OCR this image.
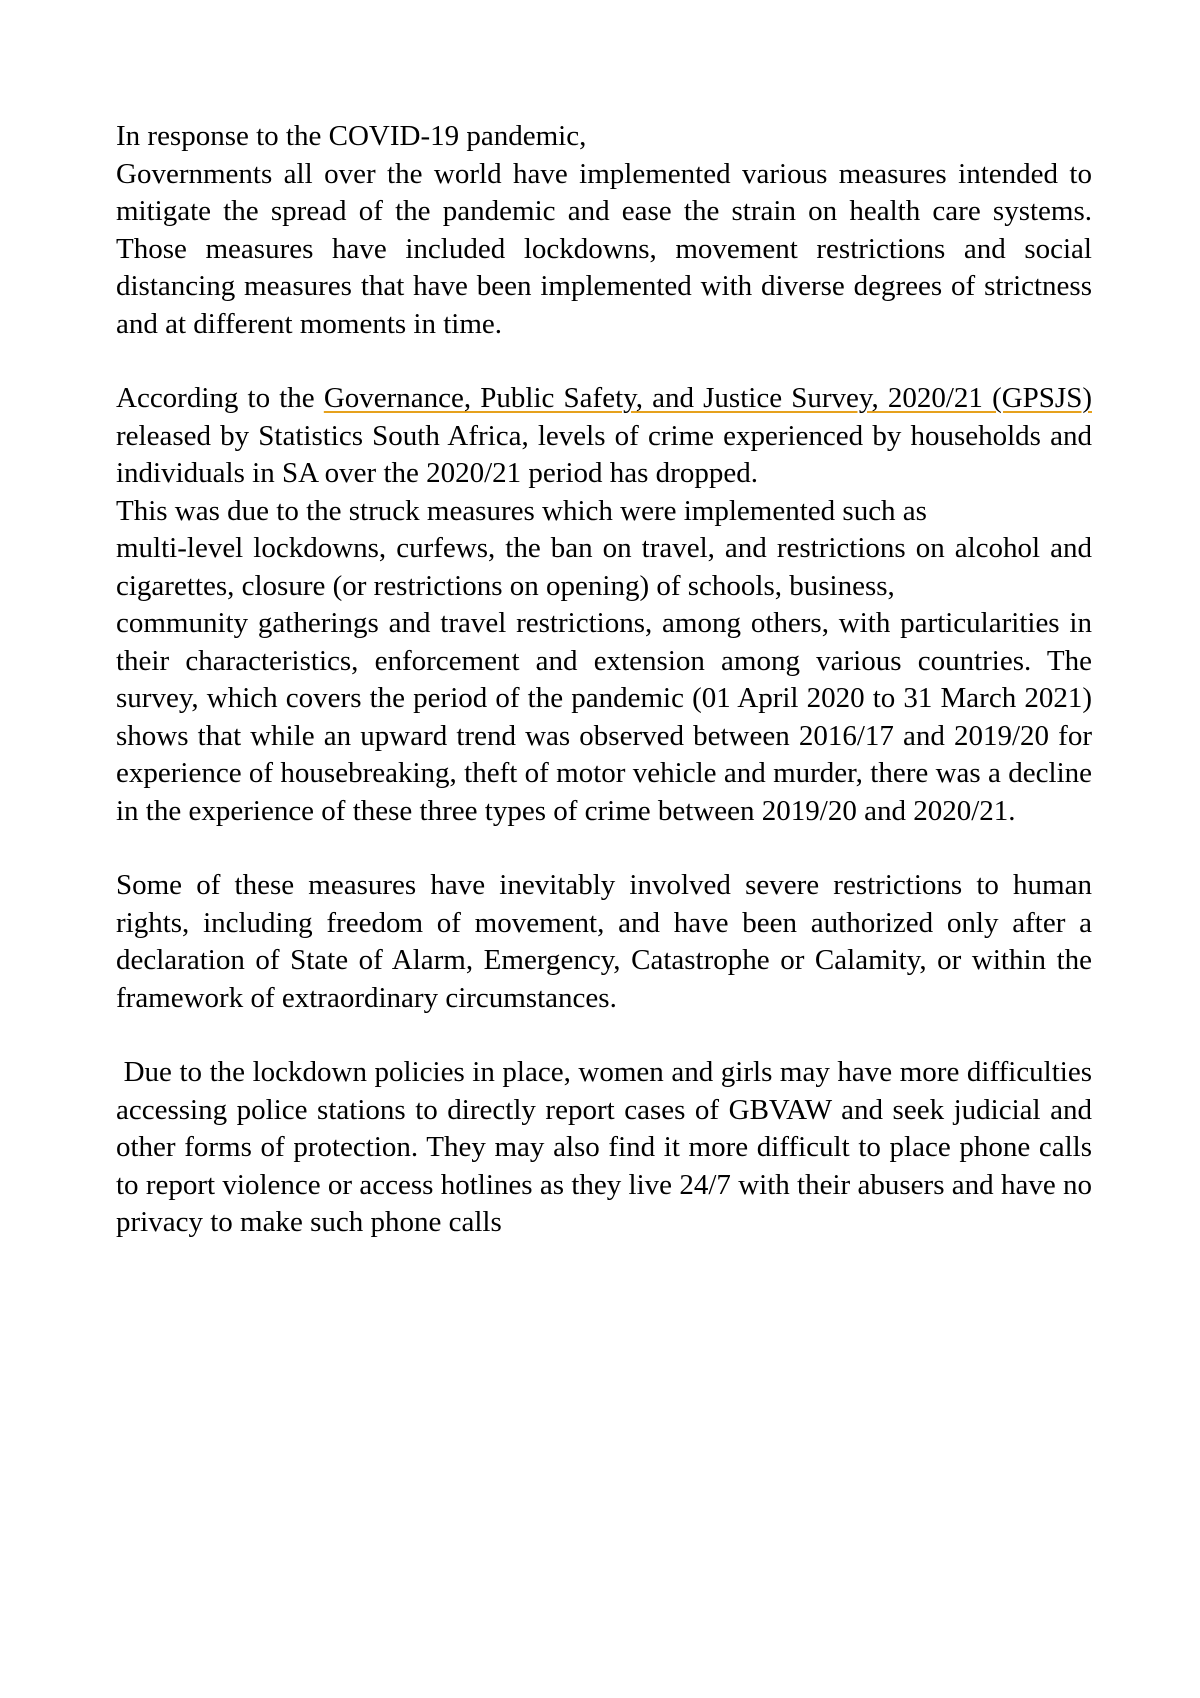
In response to the COVID-19 pandemic,

Governments all over the world have implemented various measures intended to mitigate the spread of the pandemic and ease the strain on health care systems. Those measures have included lockdowns, movement restrictions and social distancing measures that have been implemented with diverse degrees of strictness and at different moments in time.

According to the Governance, Public Safety, and Justice Survey, 2020/21 (GPSJS) released by Statistics South Africa, levels of crime experienced by households and individuals in SA over the 2020/21 period has dropped.

This was due to the struck measures which were implemented such as

multi-level lockdowns, curfews, the ban on travel, and restrictions on alcohol and cigarettes, closure (or restrictions on opening) of schools, business,

community gatherings and travel restrictions, among others, with particularities in their characteristics, enforcement and extension among various countries. The survey, which covers the period of the pandemic (01 April 2020 to 31 March 2021) shows that while an upward trend was observed between 2016/17 and 2019/20 for experience of housebreaking, theft of motor vehicle and murder, there was a decline in the experience of these three types of crime between 2019/20 and 2020/21.

Some of these measures have inevitably involved severe restrictions to human rights, including freedom of movement, and have been authorized only after a declaration of State of Alarm, Emergency, Catastrophe or Calamity, or within the framework of extraordinary circumstances.

Due to the lockdown policies in place, women and girls may have more difficulties accessing police stations to directly report cases of GBVAW and seek judicial and other forms of protection. They may also find it more difficult to place phone calls to report violence or access hotlines as they live 24/7 with their abusers and have no privacy to make such phone calls
